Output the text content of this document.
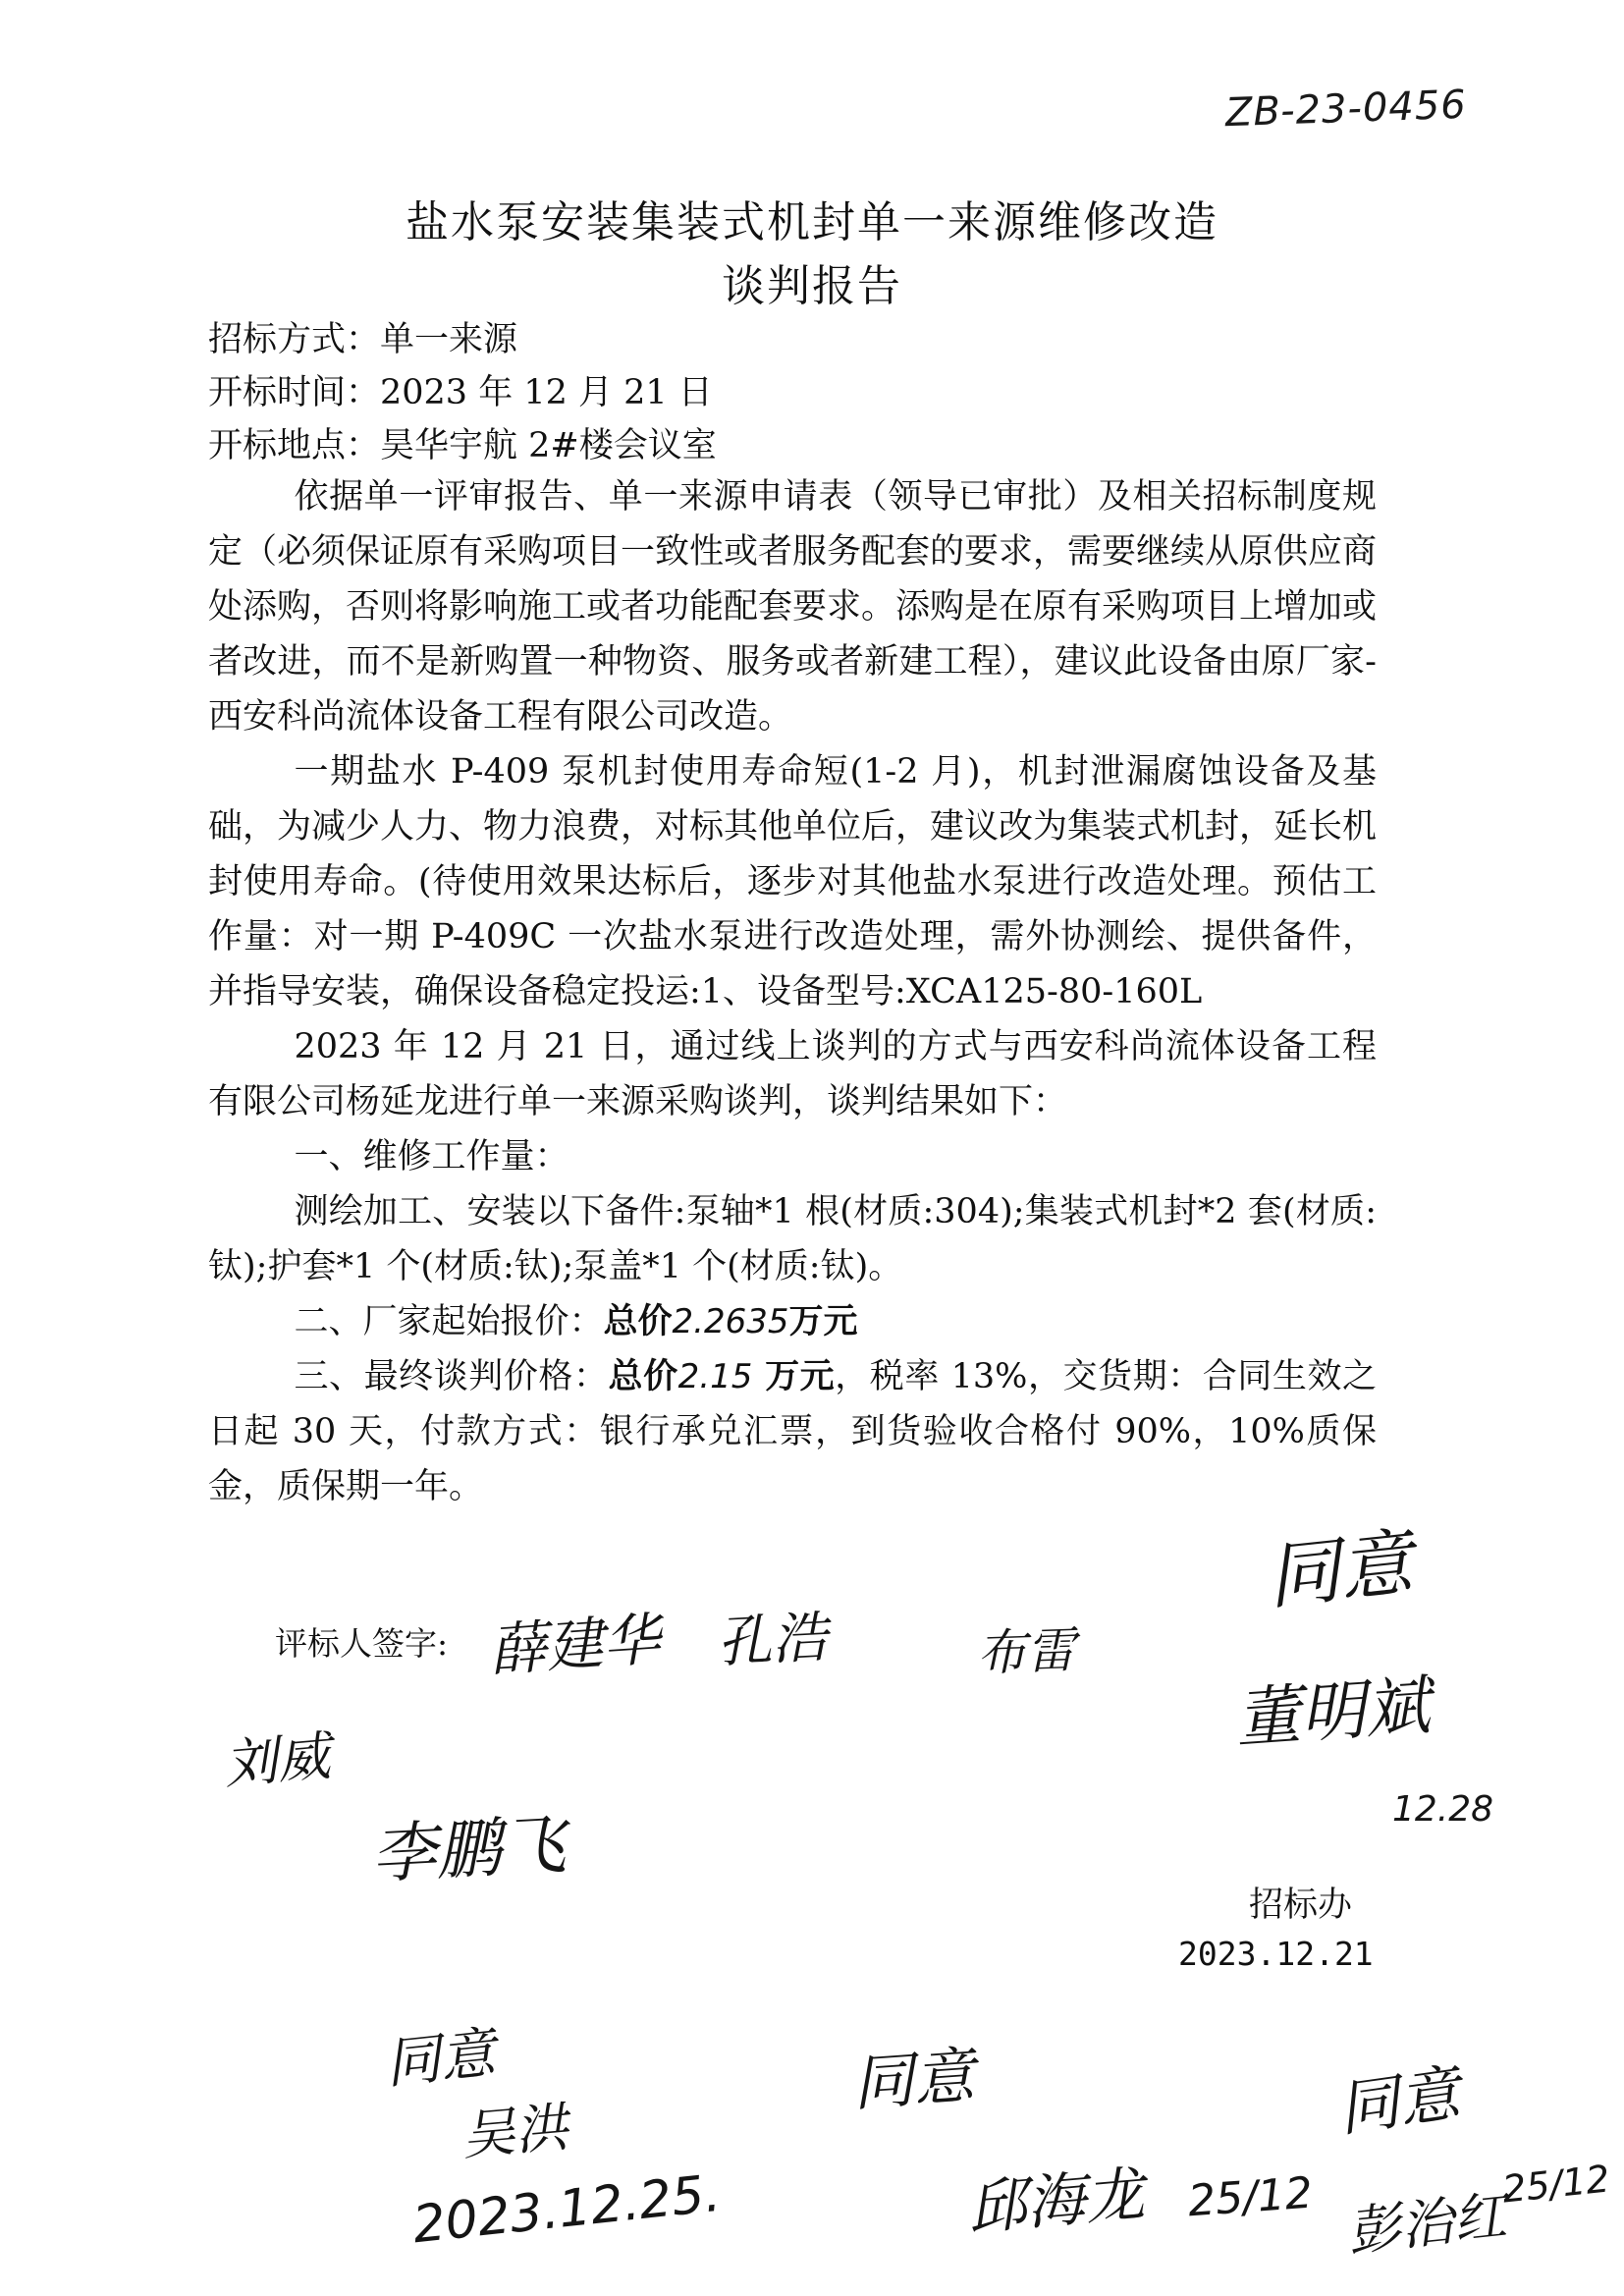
ZB-23-0456
盐水泵安装集装式机封单一来源维修改造
谈判报告
招标方式：单一来源
开标时间：2023 年 12 月 21 日
开标地点：昊华宇航 2#楼会议室

依据单一评审报告、单一来源申请表（领导已审批）及相关招标制度规定（必须保证原有采购项目一致性或者服务配套的要求，需要继续从原供应商处添购，否则将影响施工或者功能配套要求。添购是在原有采购项目上增加或者改进，而不是新购置一种物资、服务或者新建工程），建议此设备由原厂家-西安科尚流体设备工程有限公司改造。

一期盐水 P-409 泵机封使用寿命短(1-2 月)，机封泄漏腐蚀设备及基础，为减少人力、物力浪费，对标其他单位后，建议改为集装式机封，延长机封使用寿命。(待使用效果达标后，逐步对其他盐水泵进行改造处理。预估工作量：对一期 P-409C 一次盐水泵进行改造处理，需外协测绘、提供备件，并指导安装，确保设备稳定投运:1、设备型号:XCA125-80-160L

2023 年 12 月 21 日，通过线上谈判的方式与西安科尚流体设备工程有限公司杨延龙进行单一来源采购谈判，谈判结果如下：

一、维修工作量：

测绘加工、安装以下备件:泵轴*1 根(材质:304);集装式机封*2 套(材质:钛);护套*1 个(材质:钛);泵盖*1 个(材质:钛)。

二、厂家起始报价：总价2.2635万元

三、最终谈判价格：总价2.15 万元，税率 13%，交货期：合同生效之日起 30 天，付款方式：银行承兑汇票，到货验收合格付 90%，10%质保金，质保期一年。

评标人签字: 薛建华 孔浩	布雷
刘威
李鹏飞
同意
董明斌
12.28
招标办
2023.12.21
同意
吴洪
2023.12.25.
同意
邱海龙 25/12
同意
彭治红
25/12
